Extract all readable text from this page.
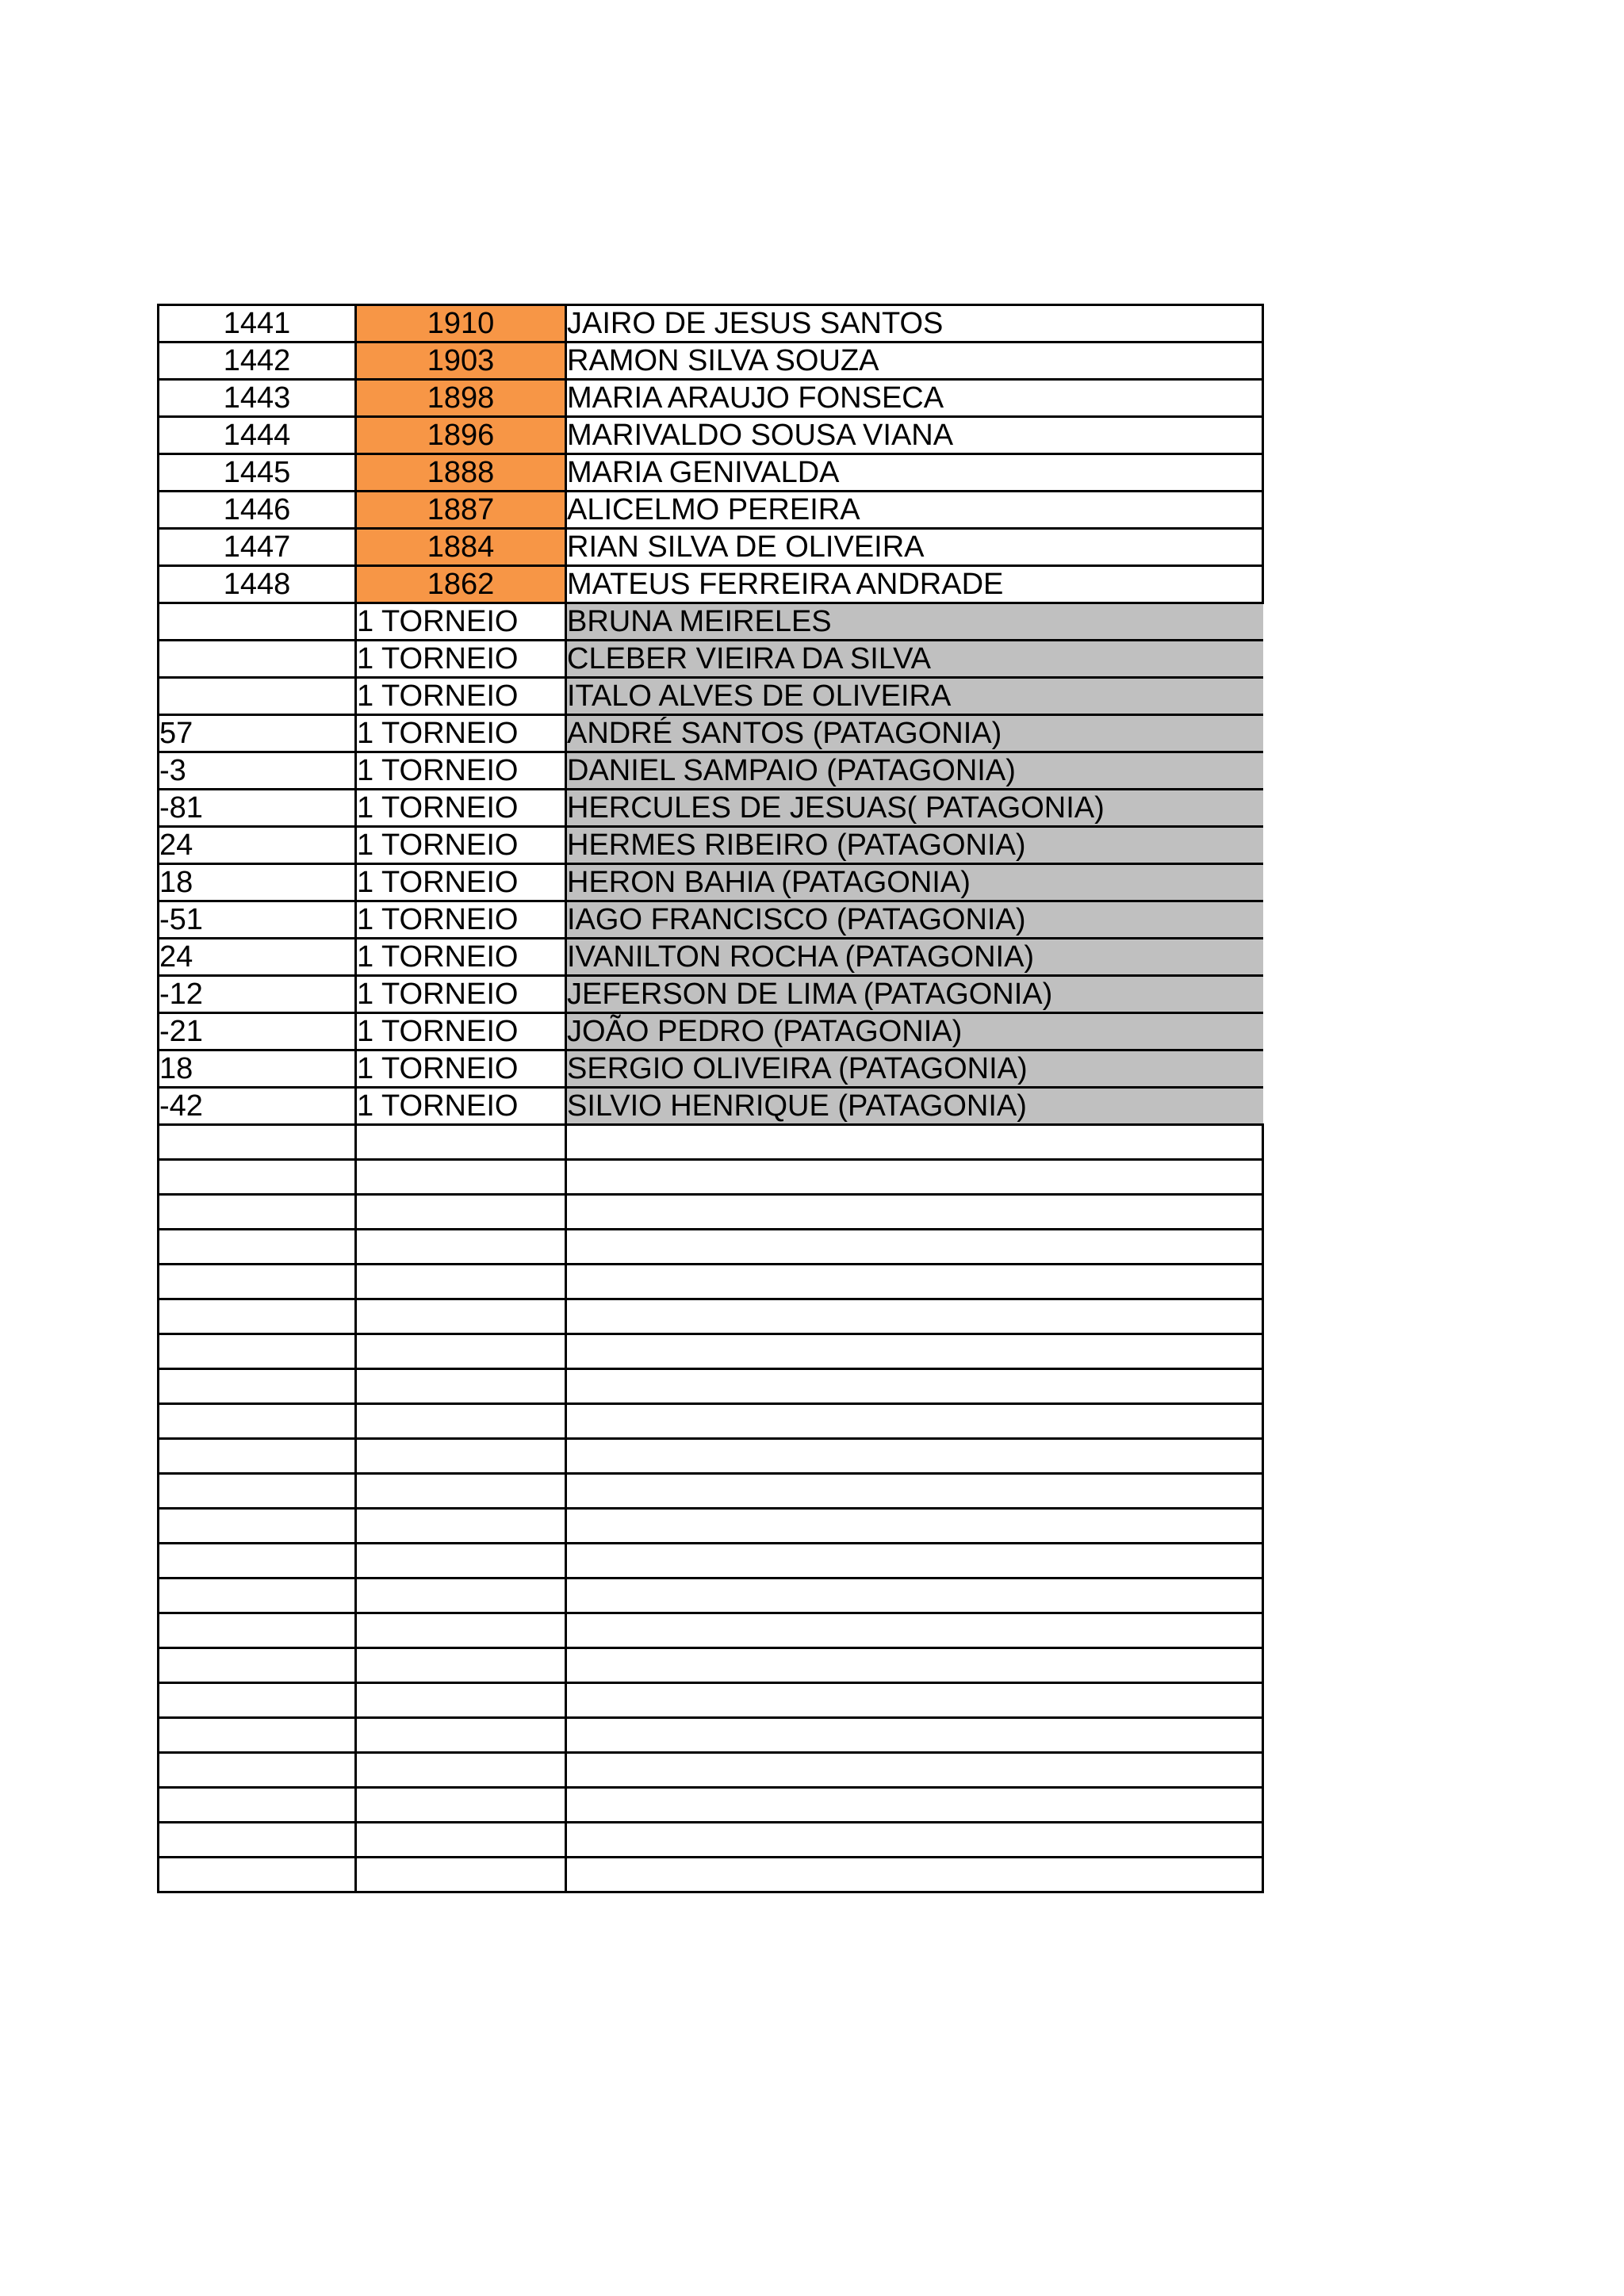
1441	1910	JAIRO DE JESUS SANTOS
1442	1903	RAMON SILVA SOUZA
1443	1898	MARIA ARAUJO FONSECA
1444	1896	MARIVALDO SOUSA VIANA
1445	1888	MARIA GENIVALDA
1446	1887	ALICELMO PEREIRA
1447	1884	RIAN SILVA DE OLIVEIRA
1448	1862	MATEUS FERREIRA ANDRADE
	1 TORNEIO	BRUNA MEIRELES
	1 TORNEIO	CLEBER VIEIRA DA SILVA
	1 TORNEIO	ITALO ALVES DE OLIVEIRA
57	1 TORNEIO	ANDRÉ SANTOS (PATAGONIA)
-3	1 TORNEIO	DANIEL SAMPAIO (PATAGONIA)
-81	1 TORNEIO	HERCULES DE JESUAS( PATAGONIA)
24	1 TORNEIO	HERMES RIBEIRO (PATAGONIA)
18	1 TORNEIO	HERON BAHIA (PATAGONIA)
-51	1 TORNEIO	IAGO FRANCISCO (PATAGONIA)
24	1 TORNEIO	IVANILTON ROCHA (PATAGONIA)
-12	1 TORNEIO	JEFERSON DE LIMA (PATAGONIA)
-21	1 TORNEIO	JOÃO PEDRO (PATAGONIA)
18	1 TORNEIO	SERGIO OLIVEIRA (PATAGONIA)
-42	1 TORNEIO	SILVIO HENRIQUE (PATAGONIA)
